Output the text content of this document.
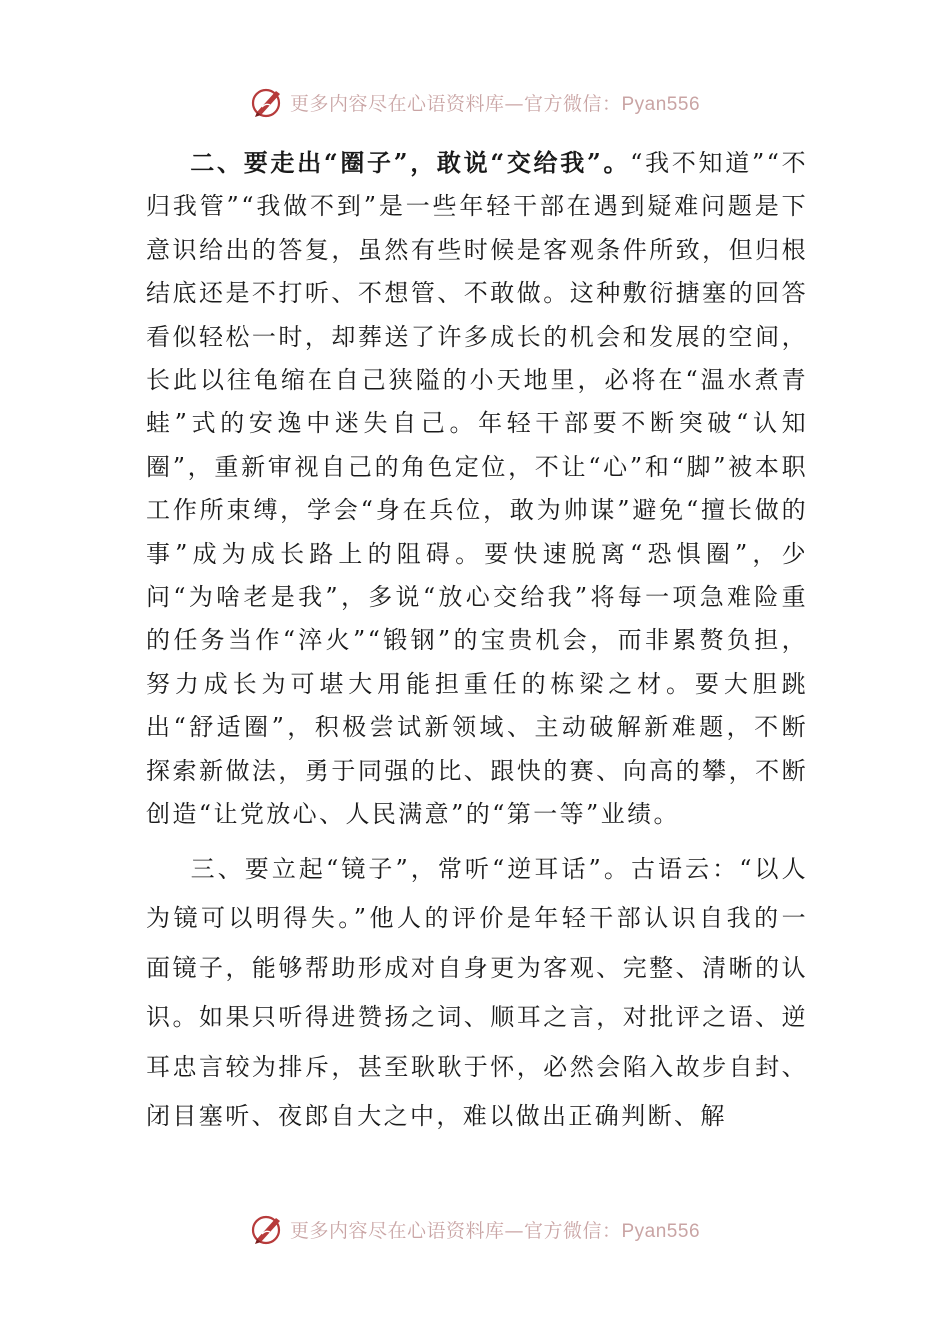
更多内容尽在心语资料库—官方微信：Pyan556

二、要走出“圈子”，敢说“交给我”。“我不知道”“不归我管”“我做不到”是一些年轻干部在遇到疑难问题是下意识给出的答复，虽然有些时候是客观条件所致，但归根结底还是不打听、不想管、不敢做。这种敷衍搪塞的回答看似轻松一时，却葬送了许多成长的机会和发展的空间，长此以往龟缩在自己狭隘的小天地里，必将在“温水煮青蛙”式的安逸中迷失自己。年轻干部要不断突破“认知圈”，重新审视自己的角色定位，不让“心”和“脚”被本职工作所束缚，学会“身在兵位，敢为帅谋”避免“擅长做的事”成为成长路上的阻碍。要快速脱离“恐惧圈”，少问“为啥老是我”，多说“放心交给我”将每一项急难险重的任务当作“淬火”“锻钢”的宝贵机会，而非累赘负担，努力成长为可堪大用能担重任的栋梁之材。要大胆跳出“舒适圈”，积极尝试新领域、主动破解新难题，不断探索新做法，勇于同强的比、跟快的赛、向高的攀，不断创造“让党放心、人民满意”的“第一等”业绩。

三、要立起“镜子”，常听“逆耳话”。古语云：“以人为镜可以明得失。”他人的评价是年轻干部认识自我的一面镜子，能够帮助形成对自身更为客观、完整、清晰的认识。如果只听得进赞扬之词、顺耳之言，对批评之语、逆耳忠言较为排斥，甚至耿耿于怀，必然会陷入故步自封、闭目塞听、夜郎自大之中，难以做出正确判断、解

更多内容尽在心语资料库—官方微信：Pyan556
